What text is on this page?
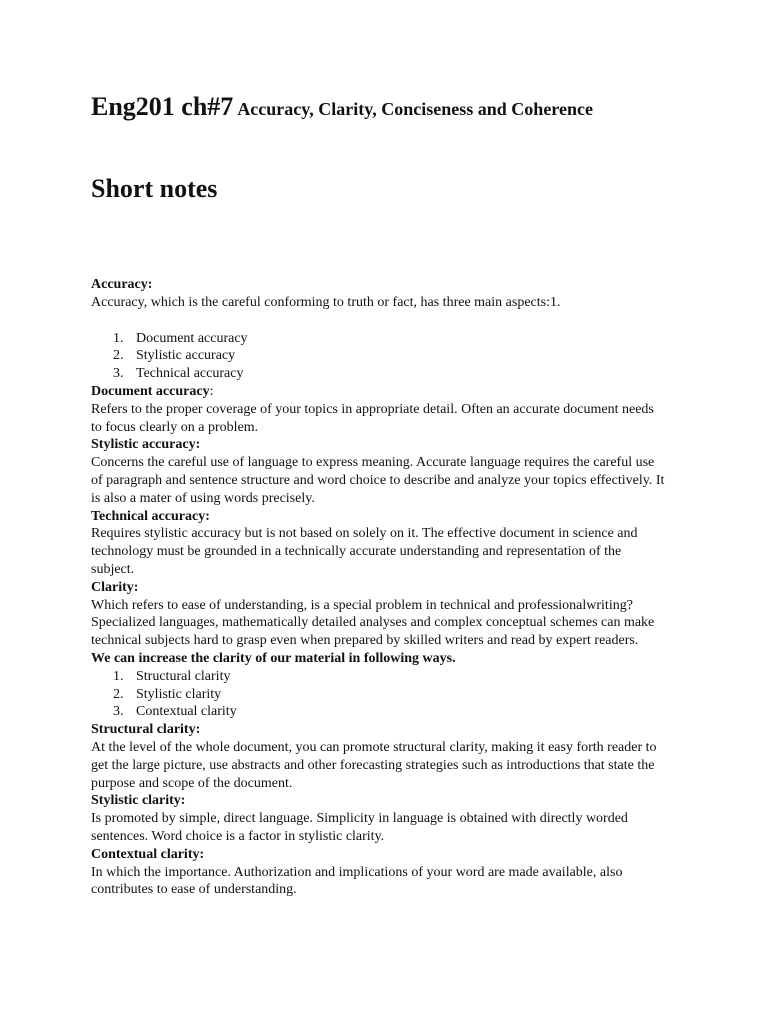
Eng201 ch#7 Accuracy, Clarity, Conciseness and Coherence
Short notes

Accuracy:

Accuracy, which is the careful conforming to truth or fact, has three main aspects:1.

1. Document accuracy
2. Stylistic accuracy
3. Technical accuracy

Document accuracy:

Refers to the proper coverage of your topics in appropriate detail. Often an accurate document needs to focus clearly on a problem.

Stylistic accuracy:

Concerns the careful use of language to express meaning. Accurate language requires the careful use of paragraph and sentence structure and word choice to describe and analyze your topics effectively. It is also a mater of using words precisely.

Technical accuracy:

Requires stylistic accuracy but is not based on solely on it. The effective document in science and technology must be grounded in a technically accurate understanding and representation of the subject.

Clarity:

Which refers to ease of understanding, is a special problem in technical and professionalwriting? Specialized languages, mathematically detailed analyses and complex conceptual schemes can make technical subjects hard to grasp even when prepared by skilled writers and read by expert readers.

We can increase the clarity of our material in following ways.

1. Structural clarity
2. Stylistic clarity
3. Contextual clarity

Structural clarity:

At the level of the whole document, you can promote structural clarity, making it easy forth reader to get the large picture, use abstracts and other forecasting strategies such as introductions that state the purpose and scope of the document.

Stylistic clarity:

Is promoted by simple, direct language. Simplicity in language is obtained with directly worded sentences. Word choice is a factor in stylistic clarity.

Contextual clarity:

In which the importance. Authorization and implications of your word are made available, also contributes to ease of understanding.
